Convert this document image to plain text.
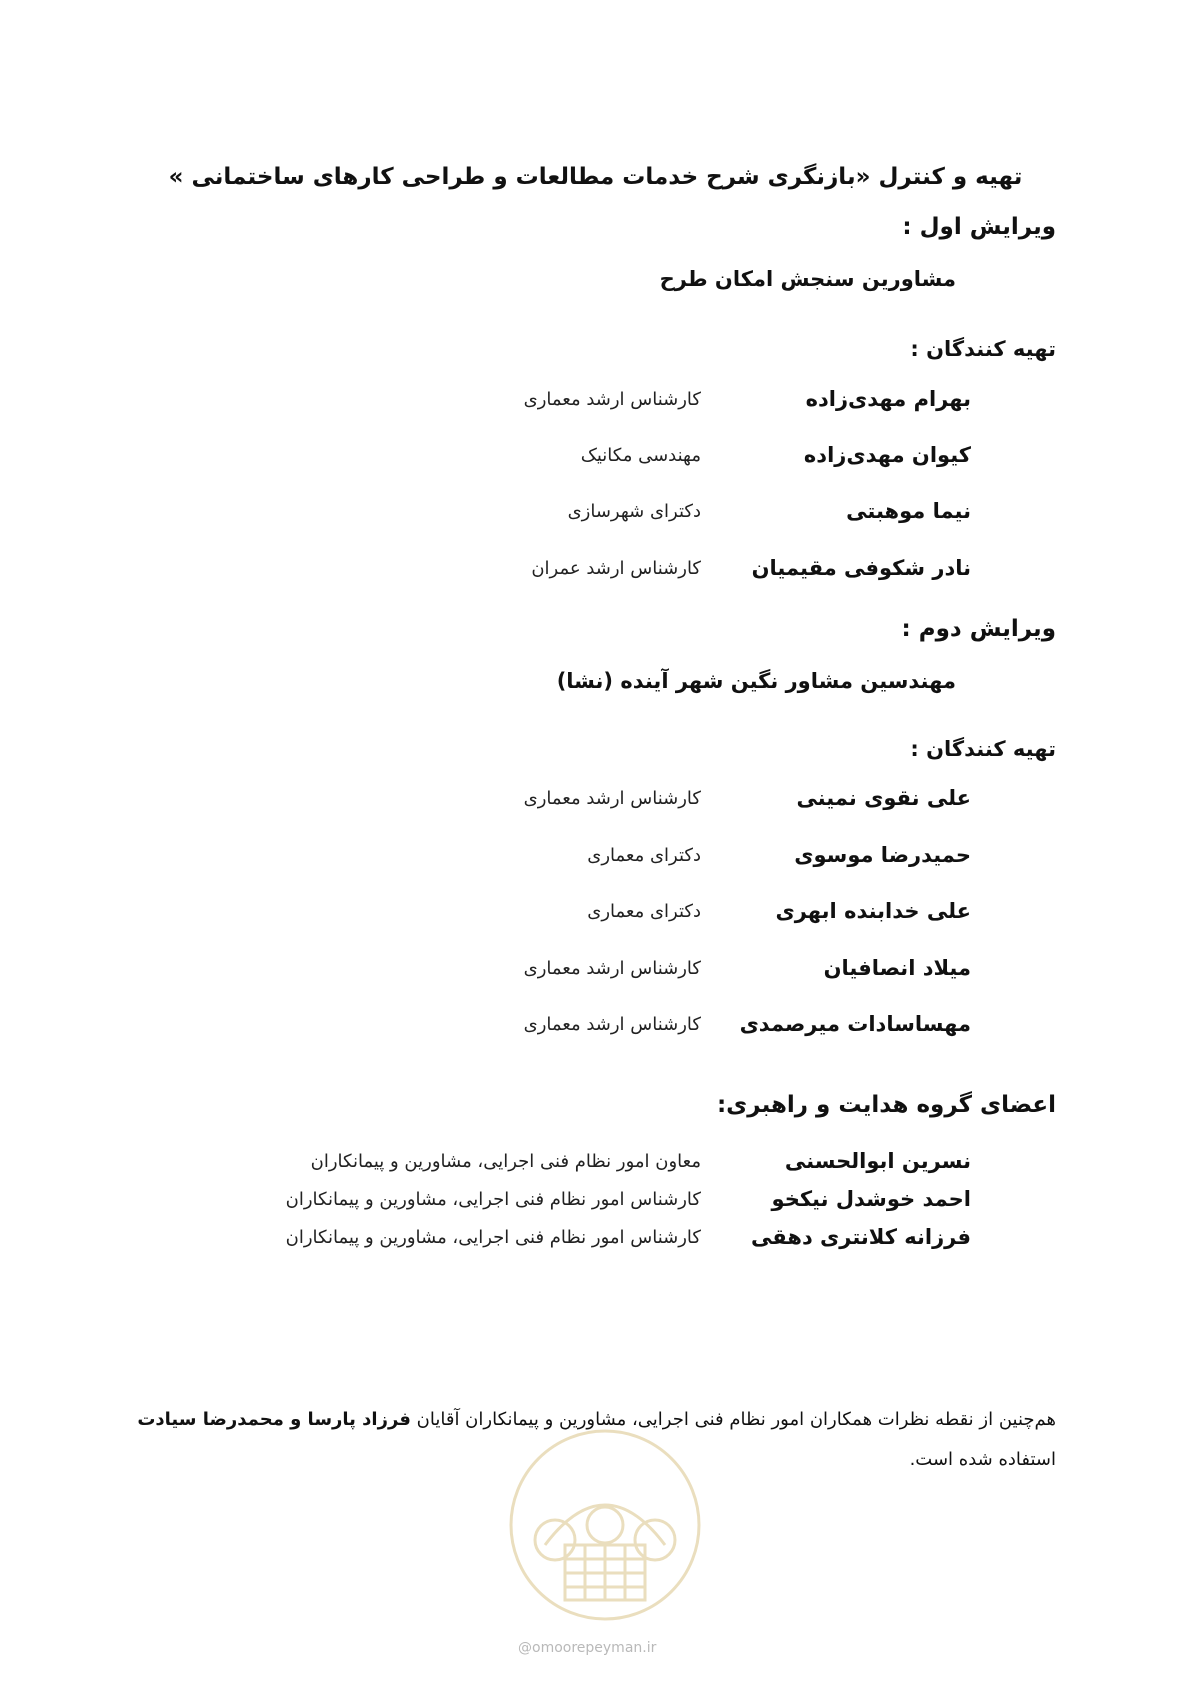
تهیه و کنترل «بازنگری شرح خدمات مطالعات و طراحی کارهای ساختمانی »
ویرایش اول :
مشاورین سنجش امکان طرح
تهیه کنندگان :
بهرام مهدی‌زاده
کارشناس ارشد معماری
کیوان مهدی‌زاده
مهندسی مکانیک
نیما موهبتی
دکترای شهرسازی
نادر شکوفی مقیمیان
کارشناس ارشد عمران
ویرایش دوم :
مهندسین مشاور نگین شهر آینده (نشا)
تهیه کنندگان :
علی نقوی نمینی
کارشناس ارشد معماری
حمیدرضا موسوی
دکترای معماری
علی خدابنده ابهری
دکترای معماری
میلاد انصافیان
کارشناس ارشد معماری
مهساسادات میرصمدی
کارشناس ارشد معماری
اعضای گروه هدایت و راهبری:
نسرین ابوالحسنی
معاون امور نظام فنی اجرایی، مشاورین و پیمانکاران
احمد خوشدل نیکخو
کارشناس امور نظام فنی اجرایی، مشاورین و پیمانکاران
فرزانه کلانتری دهقی
کارشناس امور نظام فنی اجرایی، مشاورین و پیمانکاران
هم‌چنین از نقطه نظرات همکاران امور نظام فنی اجرایی، مشاورین و پیمانکاران آقایان فرزاد پارسا و محمدرضا سیادت
استفاده شده است.
@omoorepeyman.ir
